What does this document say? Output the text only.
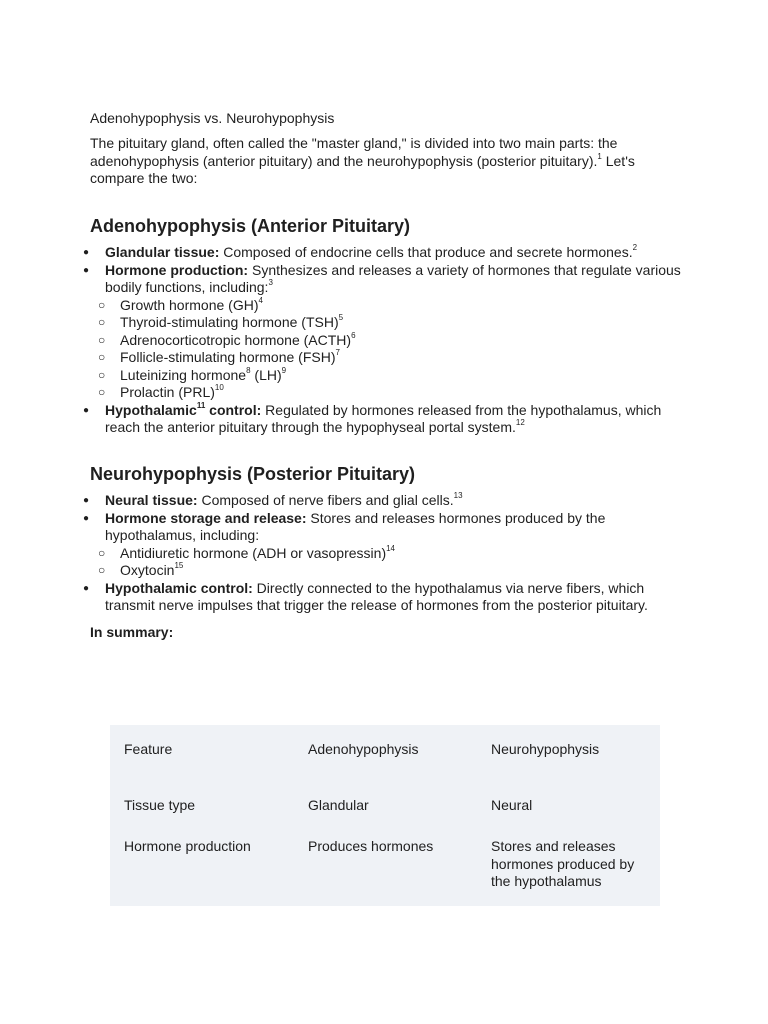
Adenohypophysis vs. Neurohypophysis

The pituitary gland, often called the "master gland," is divided into two main parts: the adenohypophysis (anterior pituitary) and the neurohypophysis (posterior pituitary).$^1$ Let's compare the two:

Adenohypophysis (Anterior Pituitary)
● Glandular tissue: Composed of endocrine cells that produce and secrete hormones.$^2$
● Hormone production: Synthesizes and releases a variety of hormones that regulate various bodily functions, including:$^3$
○ Growth hormone (GH)$^4$
○ Thyroid-stimulating hormone (TSH)$^5$
○ Adrenocorticotropic hormone (ACTH)$^6$
○ Follicle-stimulating hormone (FSH)$^7$
○ Luteinizing hormone$^8$ (LH)$^9$
○ Prolactin (PRL)$^{10}$
● Hypothalamic$^{11}$ control: Regulated by hormones released from the hypothalamus, which reach the anterior pituitary through the hypophyseal portal system.$^{12}$
Neurohypophysis (Posterior Pituitary)
● Neural tissue: Composed of nerve fibers and glial cells.$^{13}$
● Hormone storage and release: Stores and releases hormones produced by the hypothalamus, including:
○ Antidiuretic hormone (ADH or vasopressin)$^{14}$
○ Oxytocin$^{15}$
● Hypothalamic control: Directly connected to the hypothalamus via nerve fibers, which transmit nerve impulses that trigger the release of hormones from the posterior pituitary.

In summary:

Feature	Adenohypophysis	Neurohypophysis
Tissue type	Glandular	Neural
Hormone production	Produces hormones	Stores and releases hormones produced by the hypothalamus
